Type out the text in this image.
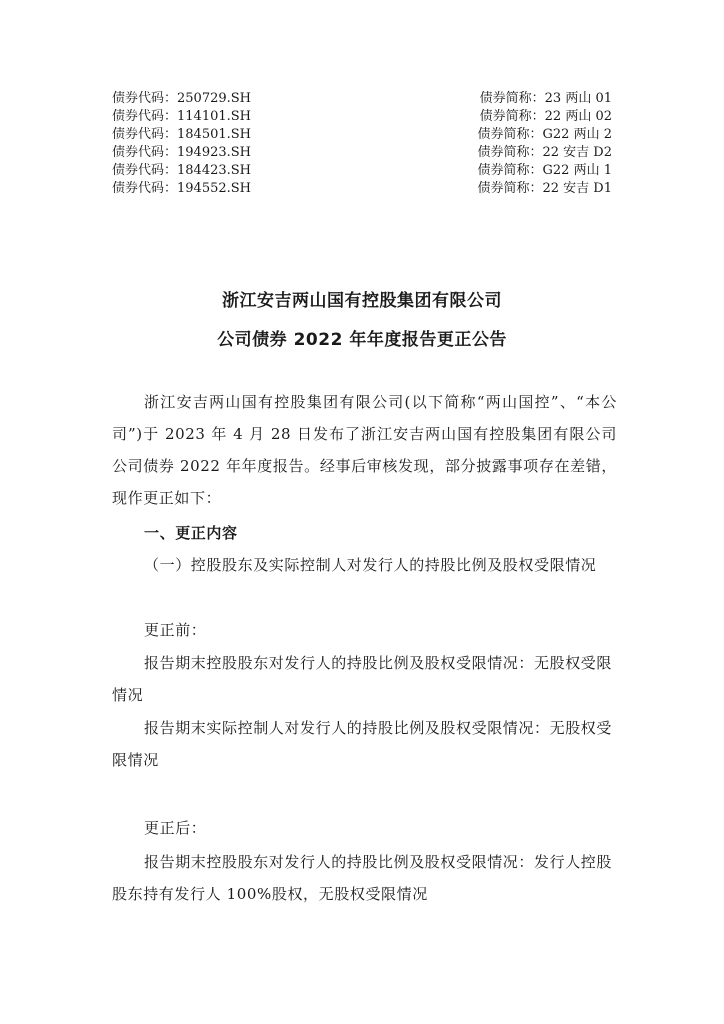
债券代码：250729.SH	债券简称：23 两山 01
债券代码：114101.SH	债券简称：22 两山 02
债券代码：184501.SH	债券简称：G22 两山 2
债券代码：194923.SH	债券简称：22 安吉 D2
债券代码：184423.SH	债券简称：G22 两山 1
债券代码：194552.SH	债券简称：22 安吉 D1
浙江安吉两山国有控股集团有限公司
公司债券 2022 年年度报告更正公告
浙江安吉两山国有控股集团有限公司(以下简称“两山国控”、“本公司”)于 2023 年 4 月 28 日发布了浙江安吉两山国有控股集团有限公司公司债券 2022 年年度报告。经事后审核发现，部分披露事项存在差错，现作更正如下：
一、更正内容
（一）控股股东及实际控制人对发行人的持股比例及股权受限情况
更正前：
报告期末控股股东对发行人的持股比例及股权受限情况：无股权受限情况
报告期末实际控制人对发行人的持股比例及股权受限情况：无股权受限情况
更正后：
报告期末控股股东对发行人的持股比例及股权受限情况：发行人控股股东持有发行人 100%股权，无股权受限情况
